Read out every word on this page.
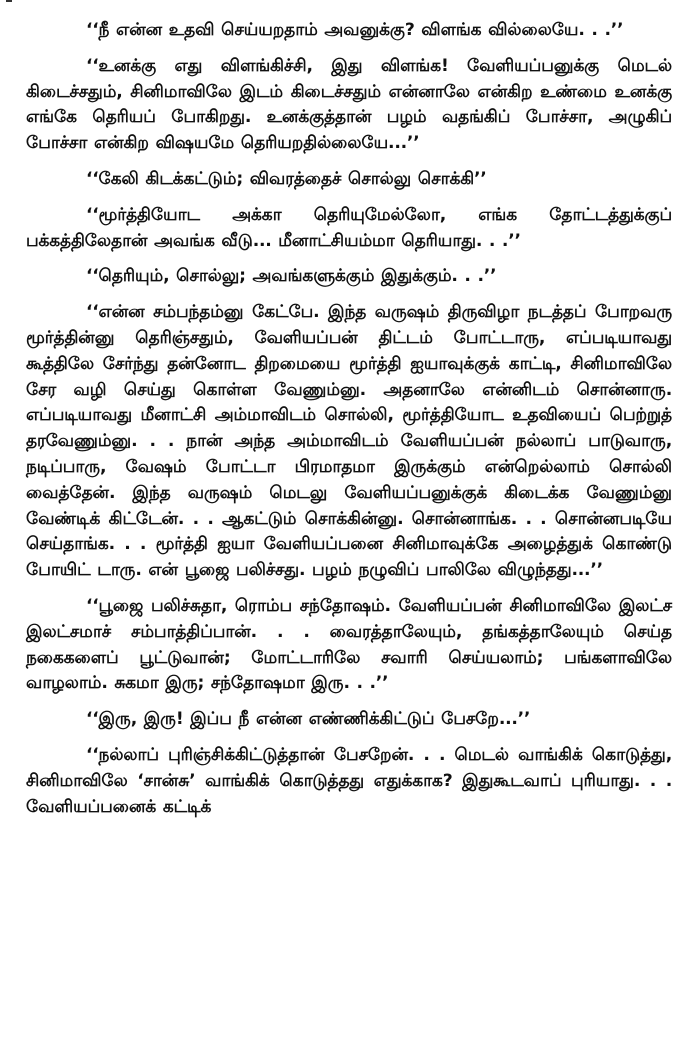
‘‘நீ என்ன உதவி செய்யறதாம் அவனுக்கு? விளங்க வில்லையே. . .’’

‘‘உனக்கு எது விளங்கிச்சி, இது விளங்க! வேளியப்பனுக்கு மெடல் கிடைச்சதும், சினிமாவிலே இடம் கிடைச்சதும் என்னாலே என்கிற உண்மை உனக்கு எங்கே தெரியப் போகிறது. உனக்குத்தான் பழம் வதங்கிப் போச்சா, அழுகிப் போச்சா என்கிற விஷயமே தெரியறதில்லையே...’’

‘‘கேலி கிடக்கட்டும்; விவரத்தைச் சொல்லு சொக்கி’’

‘‘மூர்த்தியோட அக்கா தெரியுமேல்லோ, எங்க தோட்டத்துக்குப் பக்கத்திலேதான் அவங்க வீடு... மீனாட்சியம்மா தெரியாது. . .’’

‘‘தெரியும், சொல்லு; அவங்களுக்கும் இதுக்கும். . .’’

‘‘என்ன சம்பந்தம்னு கேட்பே. இந்த வருஷம் திருவிழா நடத்தப் போறவரு மூர்த்தின்னு தெரிஞ்சதும், வேளியப்பன் திட்டம் போட்டாரு, எப்படியாவது கூத்திலே சேர்ந்து தன்னோட திறமையை மூர்த்தி ஐயாவுக்குக் காட்டி, சினிமாவிலே சேர வழி செய்து கொள்ள வேணும்னு. அதனாலே என்னிடம் சொன்னாரு. எப்படியாவது மீனாட்சி அம்மாவிடம் சொல்லி, மூர்த்தியோட உதவியைப் பெற்றுத் தரவேணும்னு. . . நான் அந்த அம்மாவிடம் வேளியப்பன் நல்லாப் பாடுவாரு, நடிப்பாரு, வேஷம் போட்டா பிரமாதமா இருக்கும் என்றெல்லாம் சொல்லி வைத்தேன். இந்த வருஷம் மெடலு வேளியப்பனுக்குக் கிடைக்க வேணும்னு வேண்டிக் கிட்டேன். . . ஆகட்டும் சொக்கின்னு. சொன்னாங்க. . . சொன்னபடியே செய்தாங்க. . . மூர்த்தி ஐயா வேளியப்பனை சினிமாவுக்கே அழைத்துக் கொண்டு போயிட் டாரு. என் பூஜை பலிச்சது. பழம் நழுவிப் பாலிலே விழுந்தது...’’

‘‘பூஜை பலிச்சுதா, ரொம்ப சந்தோஷம். வேளியப்பன் சினிமாவிலே இலட்ச இலட்சமாச் சம்பாத்திப்பான். . . வைரத்தாலேயும், தங்கத்தாலேயும் செய்த நகைகளைப் பூட்டுவான்; மோட்டாரிலே சவாரி செய்யலாம்; பங்களாவிலே வாழலாம். சுகமா இரு; சந்தோஷமா இரு. . .’’

‘‘இரு, இரு! இப்ப நீ என்ன எண்ணிக்கிட்டுப் பேசறே...’’

‘‘நல்லாப் புரிஞ்சிக்கிட்டுத்தான் பேசறேன். . . மெடல் வாங்கிக் கொடுத்து, சினிமாவிலே ‘சான்சு’ வாங்கிக் கொடுத்தது எதுக்காக? இதுகூடவாப் புரியாது. . . வேளியப்பனைக் கட்டிக்
